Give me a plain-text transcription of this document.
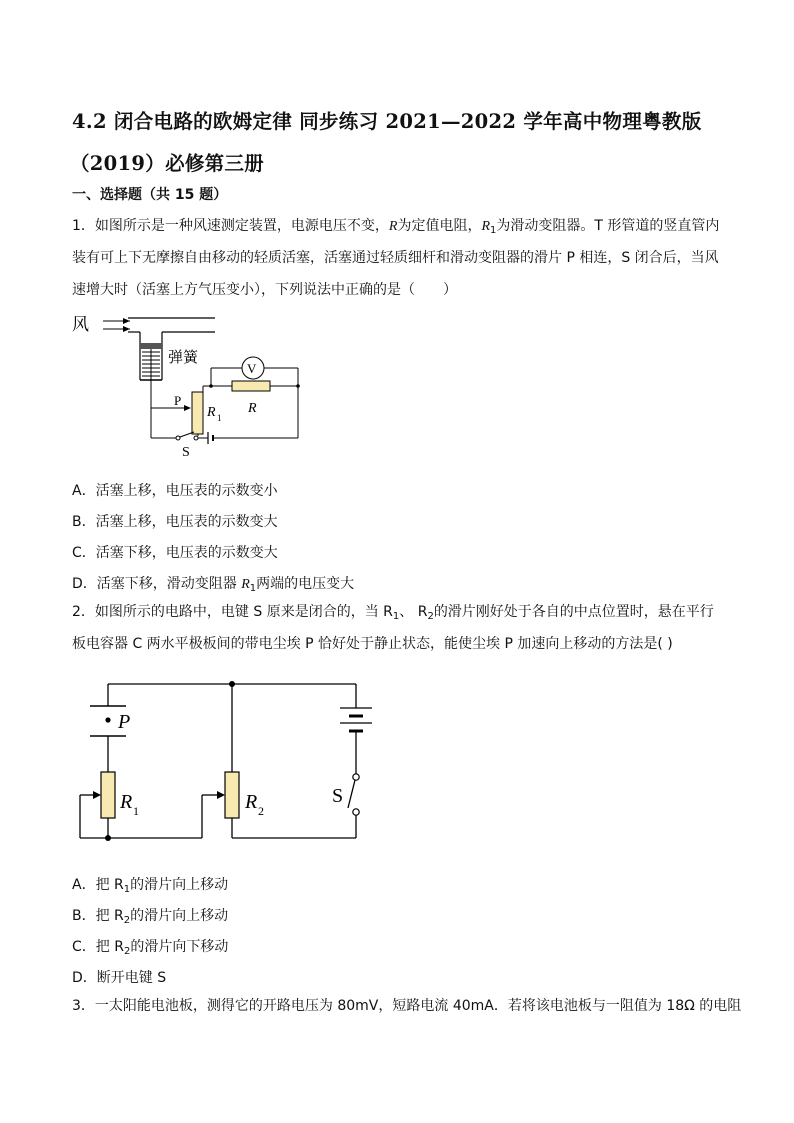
4.2 闭合电路的欧姆定律 同步练习 2021—2022 学年高中物理粤教版
（2019）必修第三册
一、选择题（共 15 题）
1．如图所示是一种风速测定装置，电源电压不变，R为定值电阻，$R_1$为滑动变阻器。T 形管道的竖直管内
装有可上下无摩擦自由移动的轻质活塞，活塞通过轻质细杆和滑动变阻器的滑片 P 相连，S 闭合后，当风
速增大时（活塞上方气压变小），下列说法中正确的是（　　）
风
弹簧
V
R
R 1
P
S
A．活塞上移，电压表的示数变小
B．活塞上移，电压表的示数变大
C．活塞下移，电压表的示数变大
D．活塞下移，滑动变阻器 $R_1$两端的电压变大
2．如图所示的电路中，电键 S 原来是闭合的，当 $R_1$、 $R_2$的滑片刚好处于各自的中点位置时，悬在平行
板电容器 C 两水平极板间的带电尘埃 P 恰好处于静止状态，能使尘埃 P 加速向上移动的方法是( )
P
R 1	R 2
S
A．把 $R_1$的滑片向上移动
B．把 $R_2$的滑片向上移动
C．把 $R_2$的滑片向下移动
D．断开电键 S
3．一太阳能电池板，测得它的开路电压为 80mV，短路电流 40mA．若将该电池板与一阻值为 18Ω 的电阻
